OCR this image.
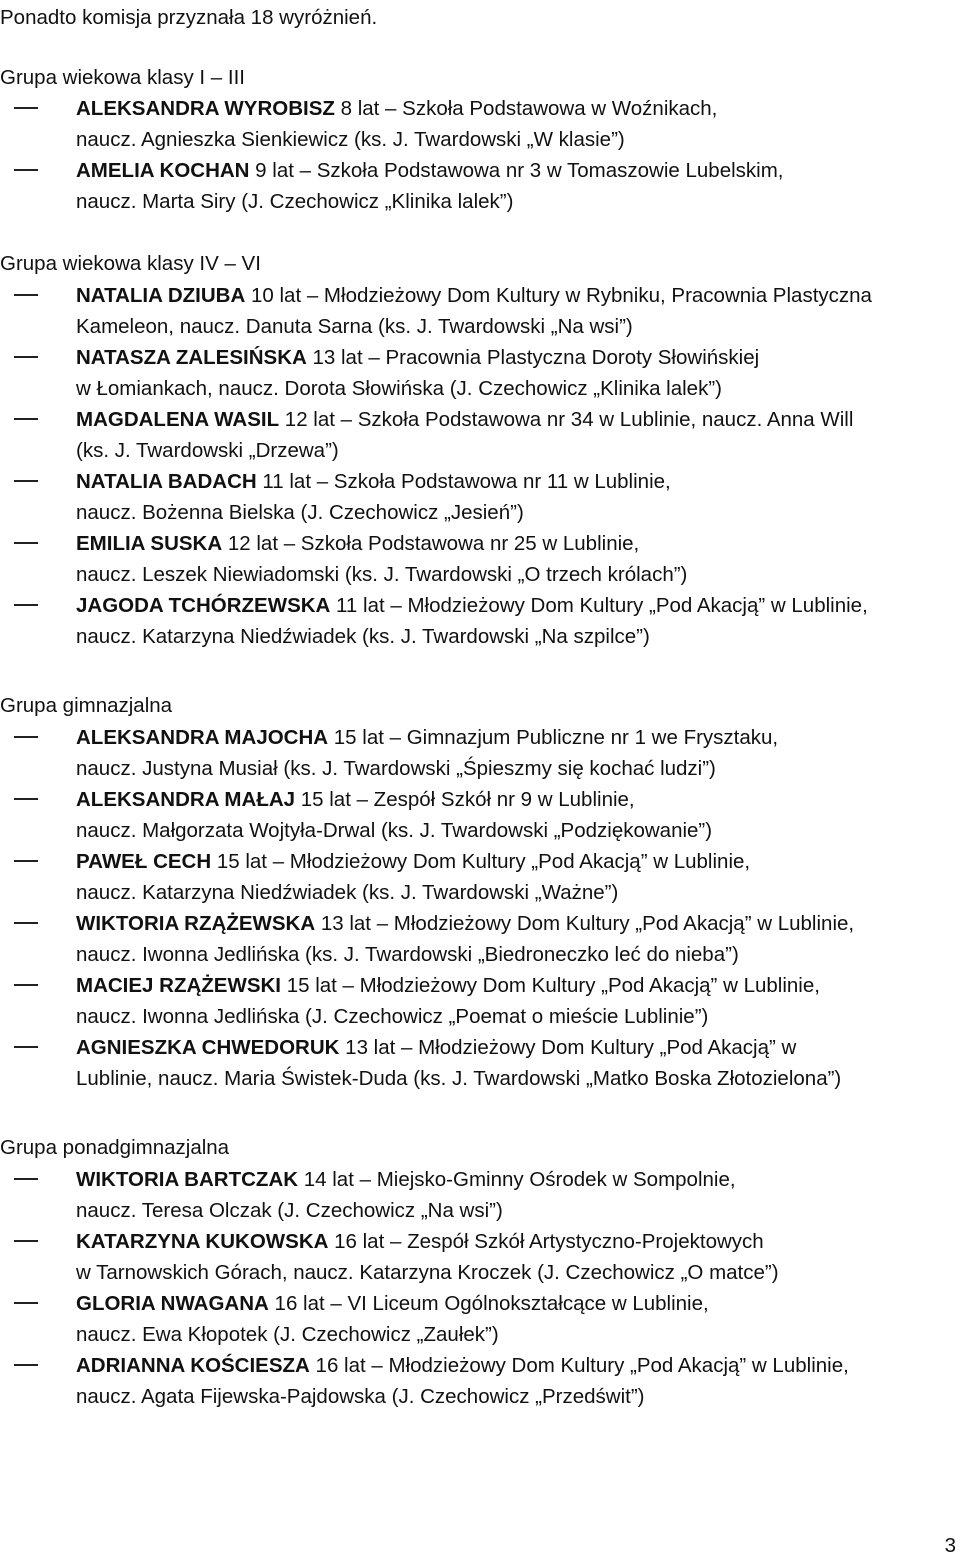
Ponadto komisja przyznała 18 wyróżnień.
Grupa wiekowa klasy I – III
ALEKSANDRA WYROBISZ 8 lat – Szkoła Podstawowa w Woźnikach,
naucz. Agnieszka Sienkiewicz (ks. J. Twardowski „W klasie”)
AMELIA KOCHAN 9 lat – Szkoła Podstawowa nr 3 w Tomaszowie Lubelskim,
naucz. Marta Siry (J. Czechowicz „Klinika lalek”)
Grupa wiekowa klasy IV – VI
NATALIA DZIUBA 10 lat – Młodzieżowy Dom Kultury w Rybniku, Pracownia Plastyczna
Kameleon, naucz. Danuta Sarna (ks. J. Twardowski „Na wsi”)
NATASZA ZALESIŃSKA 13 lat – Pracownia Plastyczna Doroty Słowińskiej
w Łomiankach, naucz. Dorota Słowińska (J. Czechowicz „Klinika lalek”)
MAGDALENA WASIL 12 lat – Szkoła Podstawowa nr 34 w Lublinie, naucz. Anna Will
(ks. J. Twardowski „Drzewa”)
NATALIA BADACH 11 lat – Szkoła Podstawowa nr 11 w Lublinie,
naucz. Bożenna Bielska (J. Czechowicz „Jesień”)
EMILIA SUSKA 12 lat – Szkoła Podstawowa nr 25 w Lublinie,
naucz. Leszek Niewiadomski (ks. J. Twardowski „O trzech królach”)
JAGODA TCHÓRZEWSKA 11 lat – Młodzieżowy Dom Kultury „Pod Akacją” w Lublinie,
naucz. Katarzyna Niedźwiadek (ks. J. Twardowski „Na szpilce”)
Grupa gimnazjalna
ALEKSANDRA MAJOCHA 15 lat – Gimnazjum Publiczne nr 1 we Frysztaku,
naucz. Justyna Musiał (ks. J. Twardowski „Śpieszmy się kochać ludzi”)
ALEKSANDRA MAŁAJ 15 lat – Zespół Szkół nr 9 w Lublinie,
naucz. Małgorzata Wojtyła-Drwal (ks. J. Twardowski „Podziękowanie”)
PAWEŁ CECH 15 lat – Młodzieżowy Dom Kultury „Pod Akacją” w Lublinie,
naucz. Katarzyna Niedźwiadek (ks. J. Twardowski „Ważne”)
WIKTORIA RZĄŻEWSKA 13 lat – Młodzieżowy Dom Kultury „Pod Akacją” w Lublinie,
naucz. Iwonna Jedlińska (ks. J. Twardowski „Biedroneczko leć do nieba”)
MACIEJ RZĄŻEWSKI 15 lat – Młodzieżowy Dom Kultury „Pod Akacją” w Lublinie,
naucz. Iwonna Jedlińska (J. Czechowicz „Poemat o mieście Lublinie”)
AGNIESZKA CHWEDORUK 13 lat – Młodzieżowy Dom Kultury „Pod Akacją” w
Lublinie, naucz. Maria Świstek-Duda (ks. J. Twardowski „Matko Boska Złotozielona”)
Grupa ponadgimnazjalna
WIKTORIA BARTCZAK 14 lat – Miejsko-Gminny Ośrodek w Sompolnie,
naucz. Teresa Olczak (J. Czechowicz „Na wsi”)
KATARZYNA KUKOWSKA 16 lat – Zespół Szkół Artystyczno-Projektowych
w Tarnowskich Górach, naucz. Katarzyna Kroczek (J. Czechowicz „O matce”)
GLORIA NWAGANA 16 lat – VI Liceum Ogólnokształcące w Lublinie,
naucz. Ewa Kłopotek (J. Czechowicz „Zaułek”)
ADRIANNA KOŚCIESZA 16 lat – Młodzieżowy Dom Kultury „Pod Akacją” w Lublinie,
naucz. Agata Fijewska-Pajdowska (J. Czechowicz „Przedświt”)
3
